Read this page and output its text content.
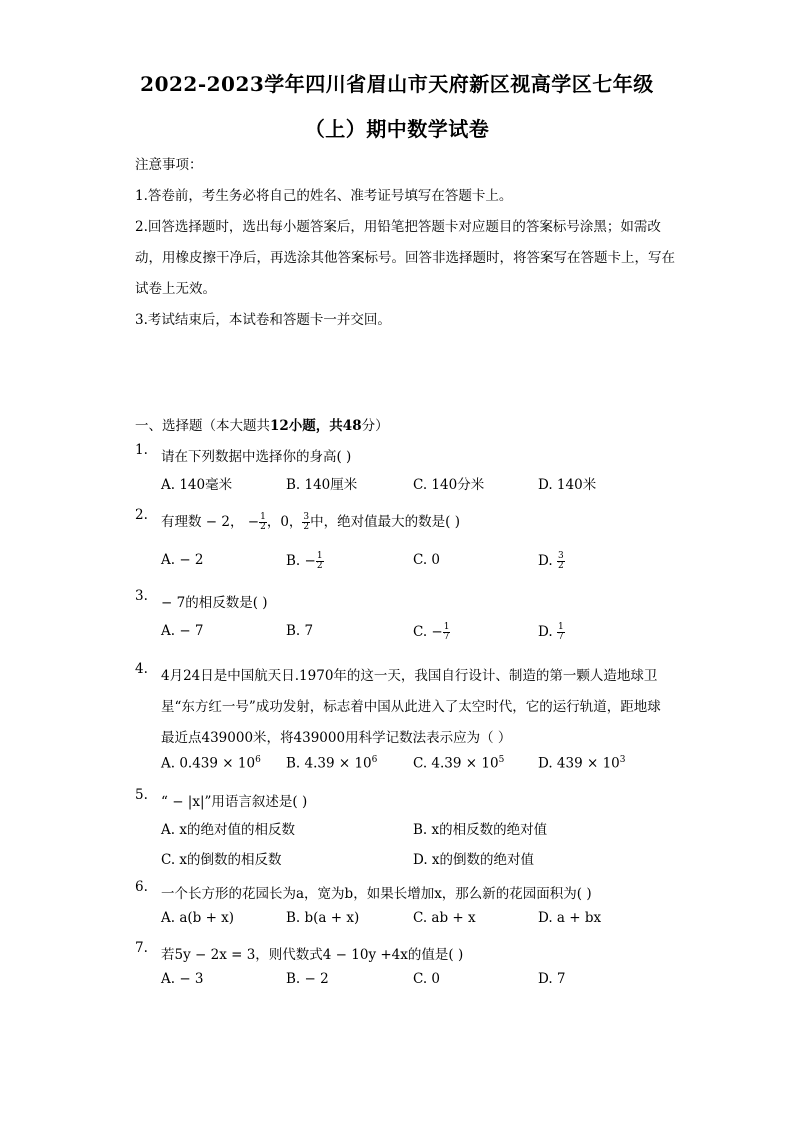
2022-2023学年四川省眉山市天府新区视高学区七年级
（上）期中数学试卷
注意事项：
1.答卷前，考生务必将自己的姓名、准考证号填写在答题卡上。
2.回答选择题时，选出每小题答案后，用铅笔把答题卡对应题目的答案标号涂黑；如需改动，用橡皮擦干净后，再选涂其他答案标号。回答非选择题时，将答案写在答题卡上，写在试卷上无效。
3.考试结束后，本试卷和答题卡一并交回。
一、选择题（本大题共12小题，共48分）
1. 请在下列数据中选择你的身高( )
A. 140毫米	B. 140厘米	C. 140分米	D. 140米
2. 有理数 − 2， − $\frac{1}{2}$ ，0， $\frac{3}{2}$ 中，绝对值最大的数是( )
A. − 2	B. − $\frac{1}{2}$	C. 0	D. $\frac{3}{2}$
3. − 7的相反数是( )
A. − 7	B. 7	C. − $\frac{1}{7}$	D. $\frac{1}{7}$
4. 4月24日是中国航天日.1970年的这一天，我国自行设计、制造的第一颗人造地球卫星“东方红一号”成功发射，标志着中国从此进入了太空时代，它的运行轨道，距地球最近点439000米，将439000用科学记数法表示应为（ ）
A. $0.439 \times 10^6$ B. $4.39 \times 10^6$	C. $4.39 \times 10^5$ D. $439 \times 10^3$
5. “ − |x|”用语言叙述是( )
A. x的绝对值的相反数	B. x的相反数的绝对值
C. x的倒数的相反数	D. x的倒数的绝对值
6. 一个长方形的花园长为a，宽为b，如果长增加x，那么新的花园面积为( )
A. a(b + x)	B. b(a + x)	C. ab + x	D. a + bx
7. 若5y − 2x = 3，则代数式4 − 10y +4x的值是( )
A. − 3	B. − 2	C. 0	D. 7
